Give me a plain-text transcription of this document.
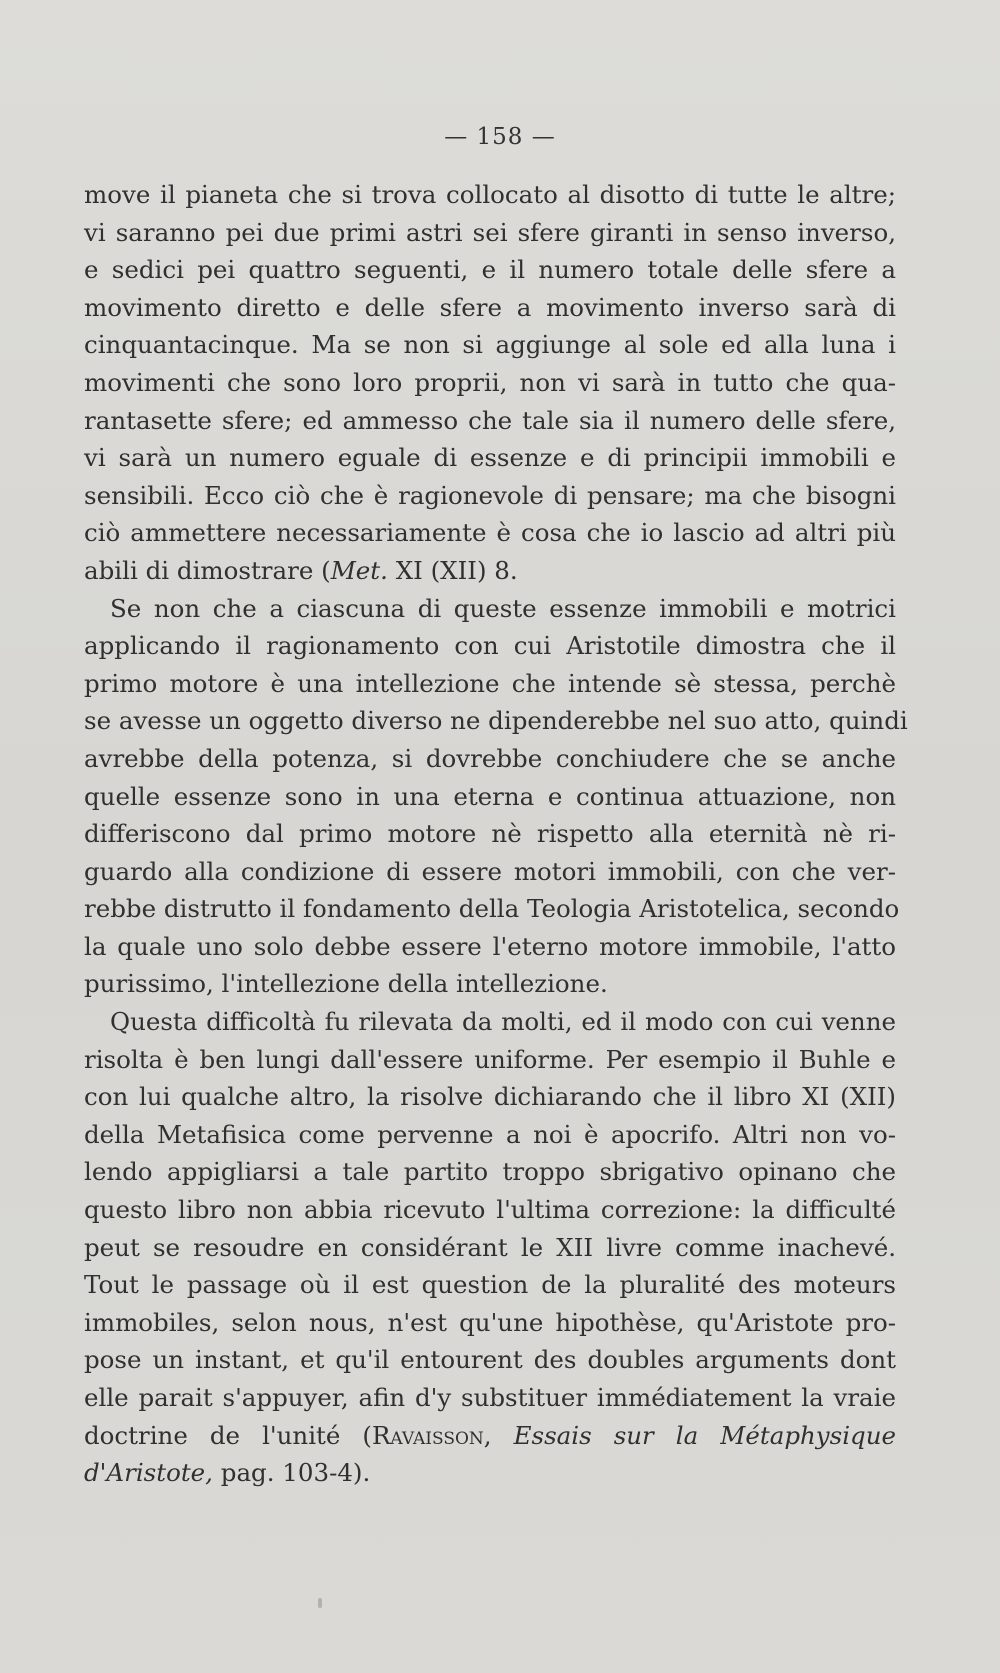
— 158 —
move il pianeta che si trova collocato al disotto di tutte le altre;
vi saranno pei due primi astri sei sfere giranti in senso inverso,
e sedici pei quattro seguenti, e il numero totale delle sfere a
movimento diretto e delle sfere a movimento inverso sarà di
cinquantacinque. Ma se non si aggiunge al sole ed alla luna i
movimenti che sono loro proprii, non vi sarà in tutto che qua-
rantasette sfere; ed ammesso che tale sia il numero delle sfere,
vi sarà un numero eguale di essenze e di principii immobili e
sensibili. Ecco ciò che è ragionevole di pensare; ma che bisogni
ciò ammettere necessariamente è cosa che io lascio ad altri più
abili di dimostrare (Met. XI (XII) 8.
Se non che a ciascuna di queste essenze immobili e motrici
applicando il ragionamento con cui Aristotile dimostra che il
primo motore è una intellezione che intende sè stessa, perchè
se avesse un oggetto diverso ne dipenderebbe nel suo atto, quindi
avrebbe della potenza, si dovrebbe conchiudere che se anche
quelle essenze sono in una eterna e continua attuazione, non
differiscono dal primo motore nè rispetto alla eternità nè ri-
guardo alla condizione di essere motori immobili, con che ver-
rebbe distrutto il fondamento della Teologia Aristotelica, secondo
la quale uno solo debbe essere l'eterno motore immobile, l'atto
purissimo, l'intellezione della intellezione.
Questa difficoltà fu rilevata da molti, ed il modo con cui venne
risolta è ben lungi dall'essere uniforme. Per esempio il Buhle e
con lui qualche altro, la risolve dichiarando che il libro XI (XII)
della Metafisica come pervenne a noi è apocrifo. Altri non vo-
lendo appigliarsi a tale partito troppo sbrigativo opinano che
questo libro non abbia ricevuto l'ultima correzione: la difficulté
peut se resoudre en considérant le XII livre comme inachevé.
Tout le passage où il est question de la pluralité des moteurs
immobiles, selon nous, n'est qu'une hipothèse, qu'Aristote pro-
pose un instant, et qu'il entourent des doubles arguments dont
elle parait s'appuyer, afin d'y substituer immédiatement la vraie
doctrine de l'unité (Ravaisson, Essais sur la Métaphysique
d'Aristote, pag. 103-4).
